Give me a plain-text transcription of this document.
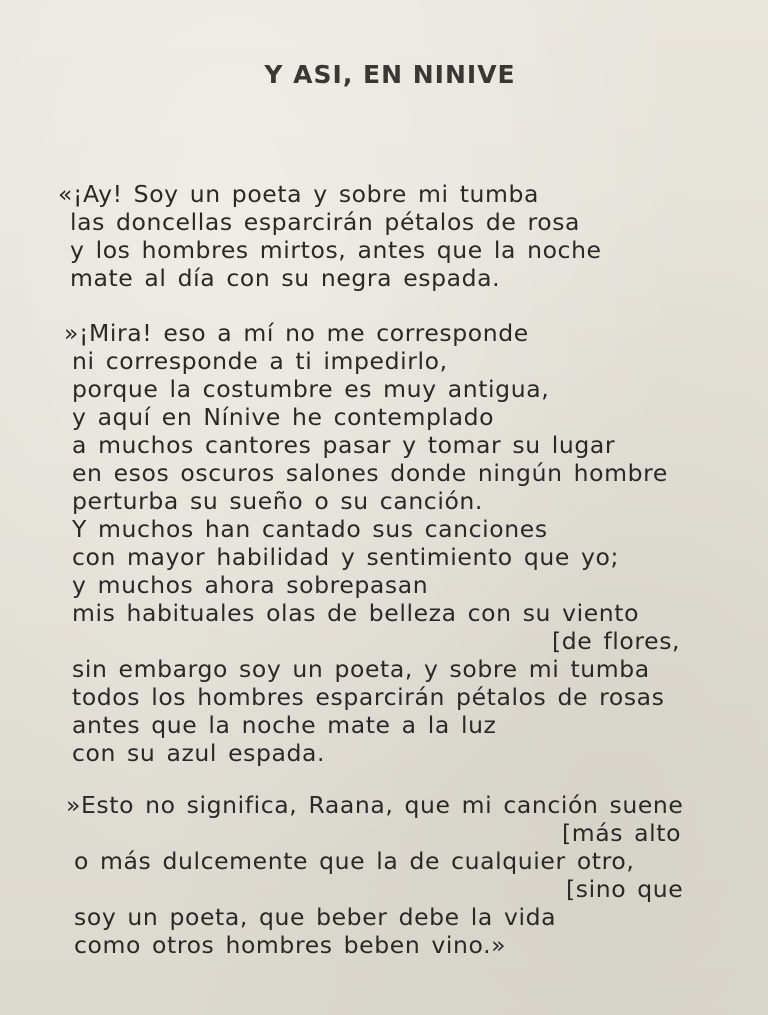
Y ASI, EN NINIVE
«¡Ay! Soy un poeta y sobre mi tumba
las doncellas esparcirán pétalos de rosa
y los hombres mirtos, antes que la noche
mate al día con su negra espada.
»¡Mira! eso a mí no me corresponde
ni corresponde a ti impedirlo,
porque la costumbre es muy antigua,
y aquí en Nínive he contemplado
a muchos cantores pasar y tomar su lugar
en esos oscuros salones donde ningún hombre
perturba su sueño o su canción.
Y muchos han cantado sus canciones
con mayor habilidad y sentimiento que yo;
y muchos ahora sobrepasan
mis habituales olas de belleza con su viento
[de flores,
sin embargo soy un poeta, y sobre mi tumba
todos los hombres esparcirán pétalos de rosas
antes que la noche mate a la luz
con su azul espada.
»Esto no significa, Raana, que mi canción suene
[más alto
o más dulcemente que la de cualquier otro,
[sino que
soy un poeta, que beber debe la vida
como otros hombres beben vino.»
